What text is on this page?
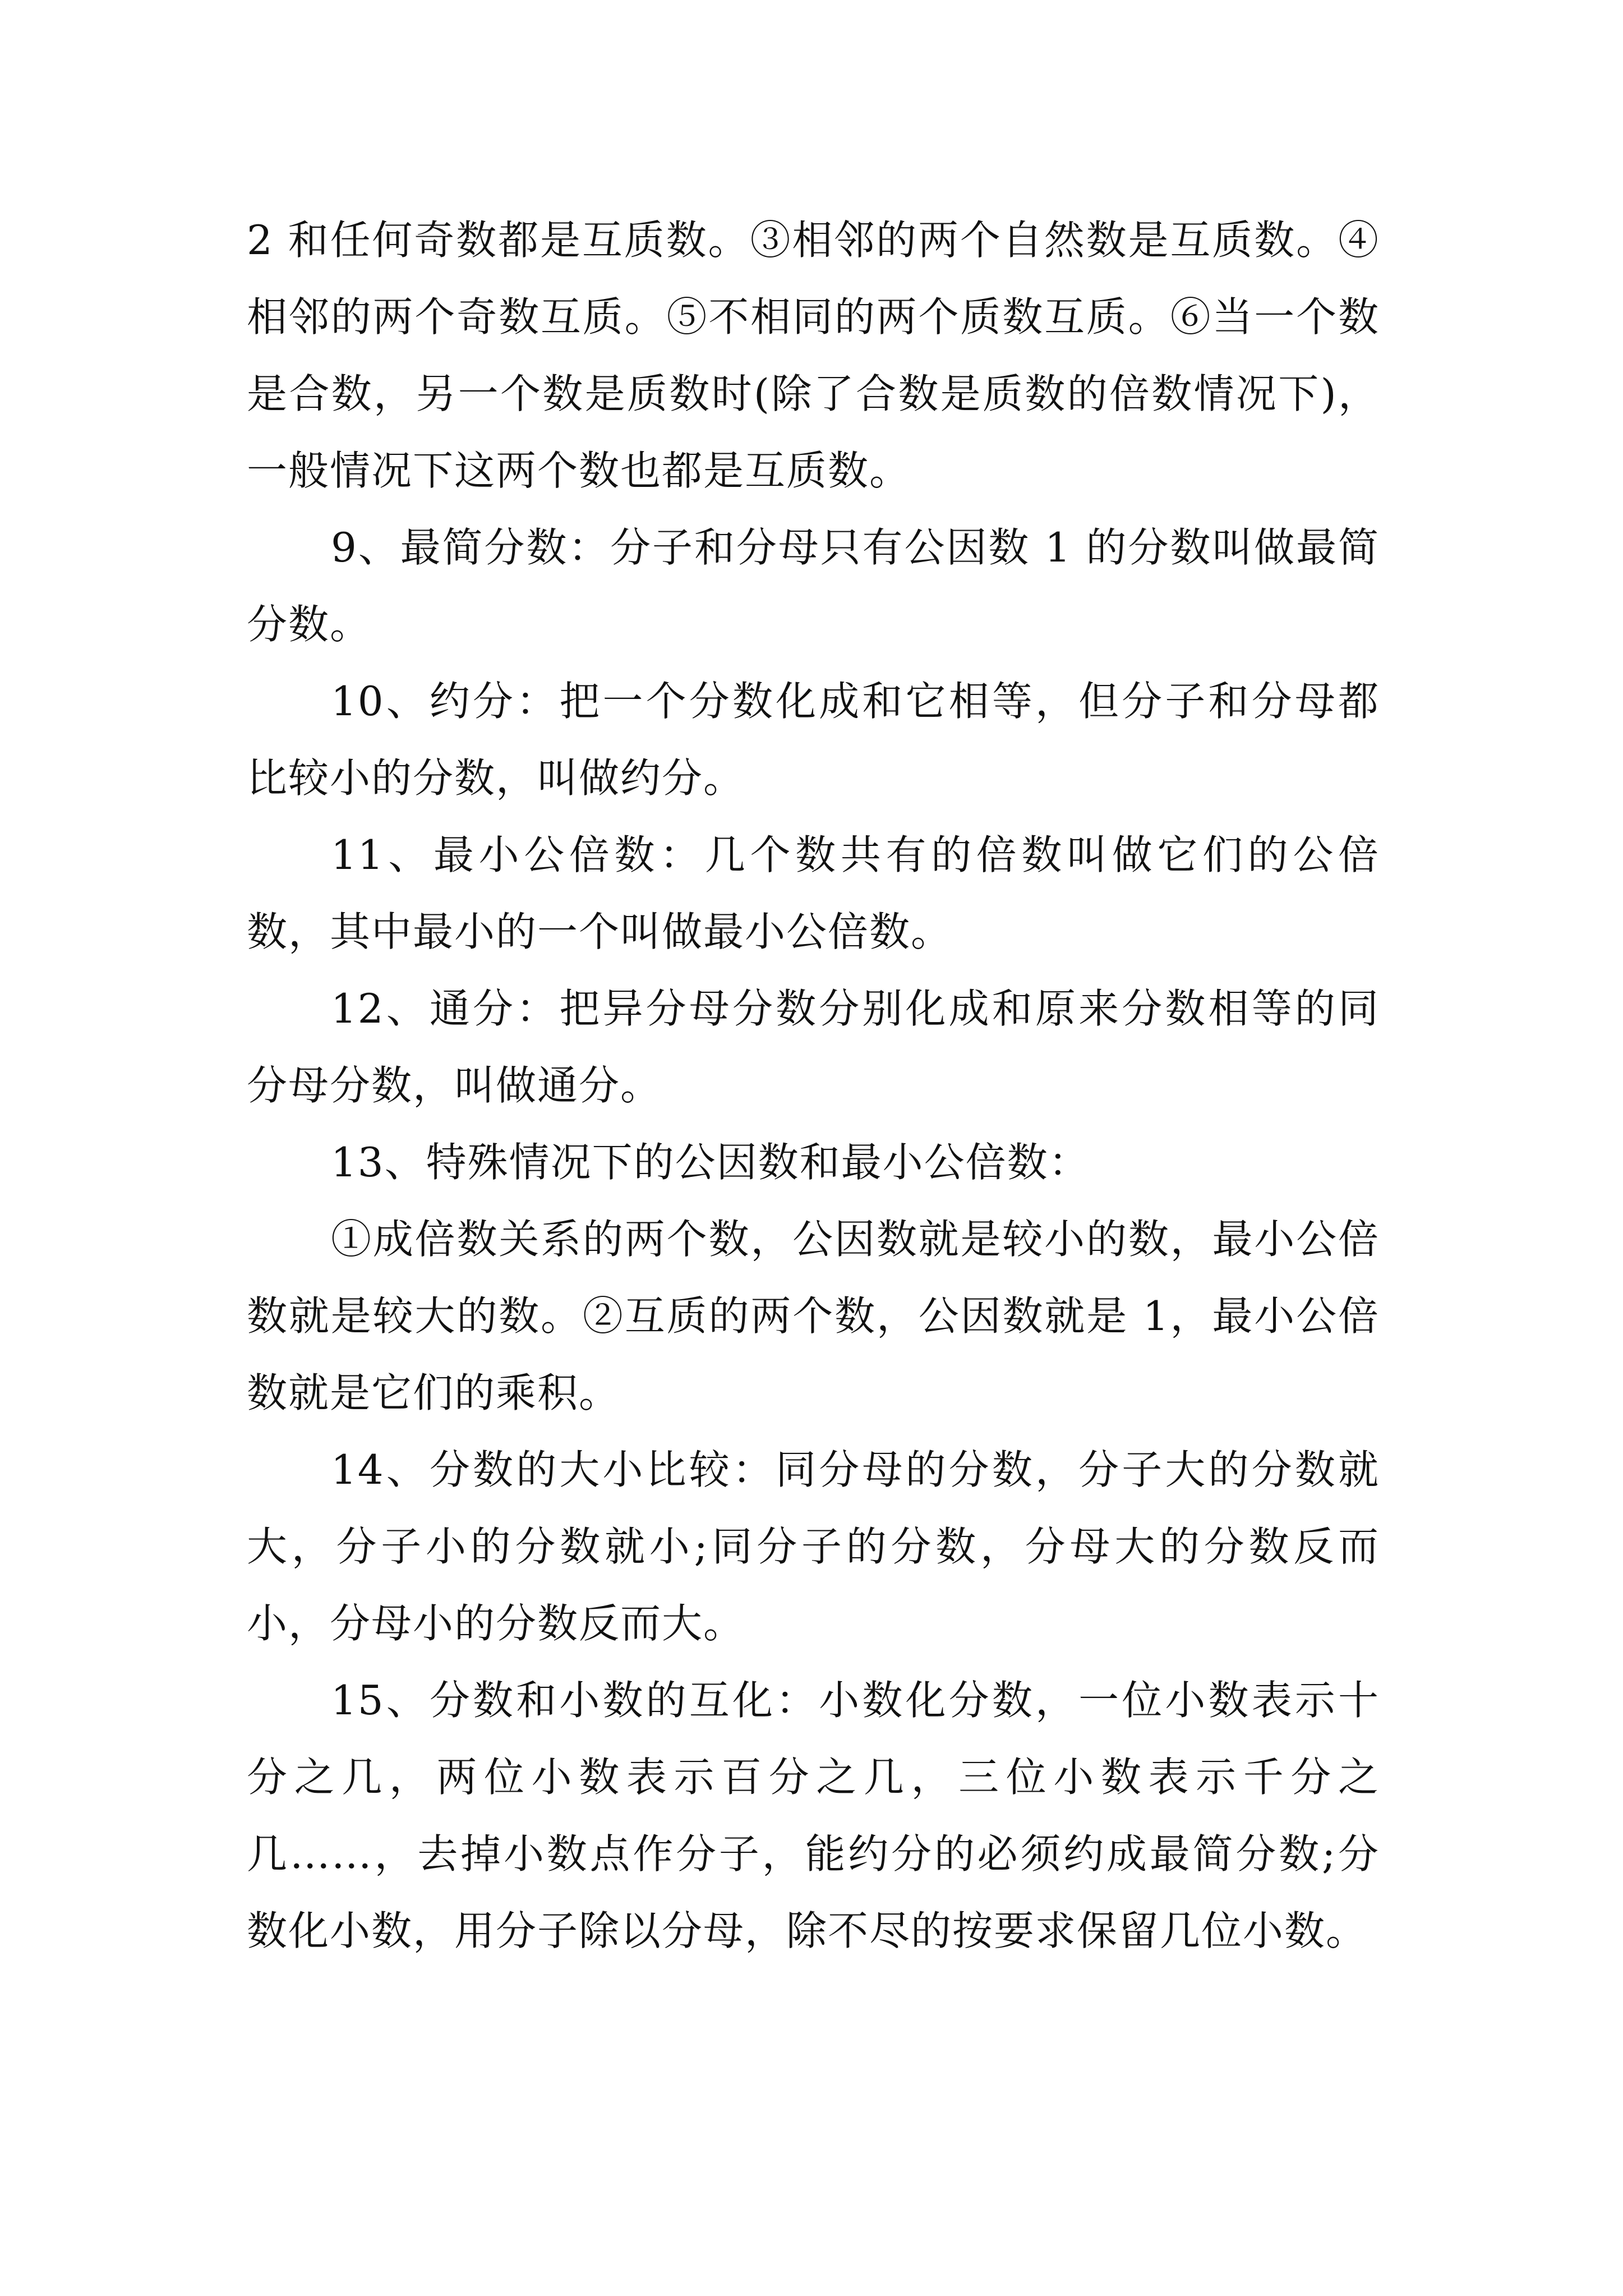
2 和任何奇数都是互质数。③相邻的两个自然数是互质数。④相邻的两个奇数互质。⑤不相同的两个质数互质。⑥当一个数是合数，另一个数是质数时(除了合数是质数的倍数情况下)，一般情况下这两个数也都是互质数。

9、最简分数：分子和分母只有公因数 1 的分数叫做最简分数。

10、约分：把一个分数化成和它相等，但分子和分母都比较小的分数，叫做约分。

11、最小公倍数：几个数共有的倍数叫做它们的公倍数，其中最小的一个叫做最小公倍数。

12、通分：把异分母分数分别化成和原来分数相等的同分母分数，叫做通分。

13、特殊情况下的公因数和最小公倍数：

①成倍数关系的两个数，公因数就是较小的数，最小公倍数就是较大的数。②互质的两个数，公因数就是 1，最小公倍数就是它们的乘积。

14、分数的大小比较：同分母的分数，分子大的分数就大，分子小的分数就小;同分子的分数，分母大的分数反而小，分母小的分数反而大。

15、分数和小数的互化：小数化分数，一位小数表示十分之几，两位小数表示百分之几，三位小数表示千分之几……，去掉小数点作分子，能约分的必须约成最简分数;分数化小数，用分子除以分母，除不尽的按要求保留几位小数。
